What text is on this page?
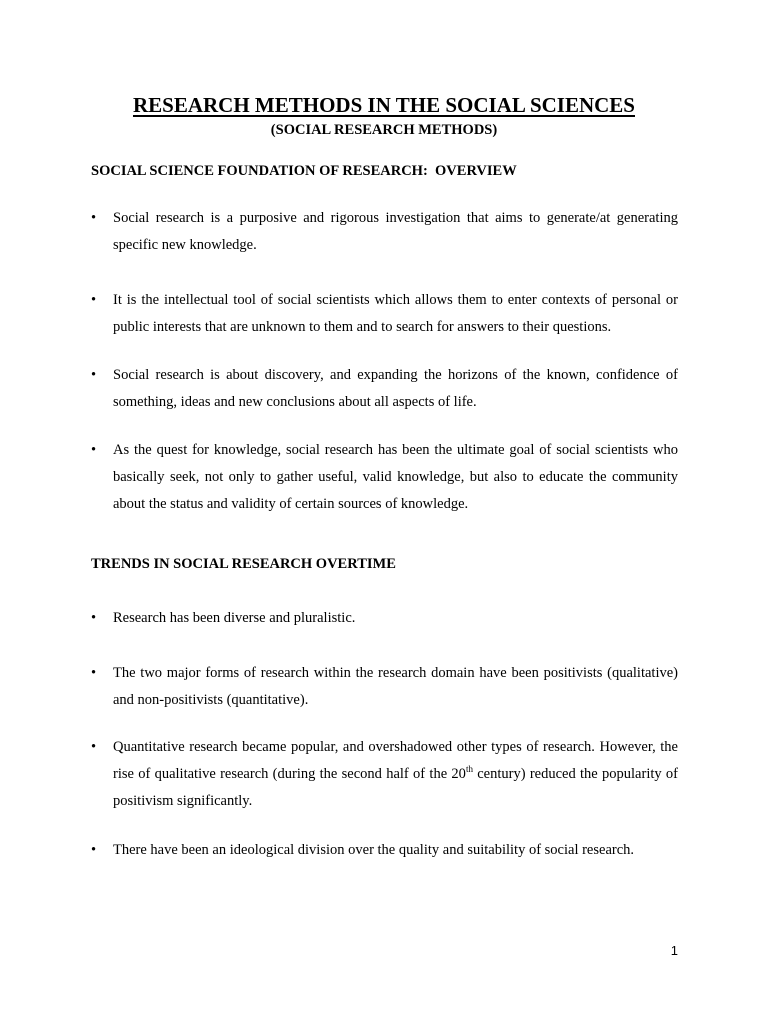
RESEARCH METHODS IN THE SOCIAL SCIENCES
(SOCIAL RESEARCH METHODS)
SOCIAL SCIENCE FOUNDATION OF RESEARCH:  OVERVIEW
• Social research is a purposive and rigorous investigation that aims to generate/at generating specific new knowledge.
• It is the intellectual tool of social scientists which allows them to enter contexts of personal or public interests that are unknown to them and to search for answers to their questions.
• Social research is about discovery, and expanding the horizons of the known, confidence of something, ideas and new conclusions about all aspects of life.
• As the quest for knowledge, social research has been the ultimate goal of social scientists who basically seek, not only to gather useful, valid knowledge, but also to educate the community about the status and validity of certain sources of knowledge.
TRENDS IN SOCIAL RESEARCH OVERTIME
• Research has been diverse and pluralistic.
• The two major forms of research within the research domain have been positivists (qualitative) and non-positivists (quantitative).
• Quantitative research became popular, and overshadowed other types of research. However, the rise of qualitative research (during the second half of the 20th century) reduced the popularity of positivism significantly.
• There have been an ideological division over the quality and suitability of social research.
1
